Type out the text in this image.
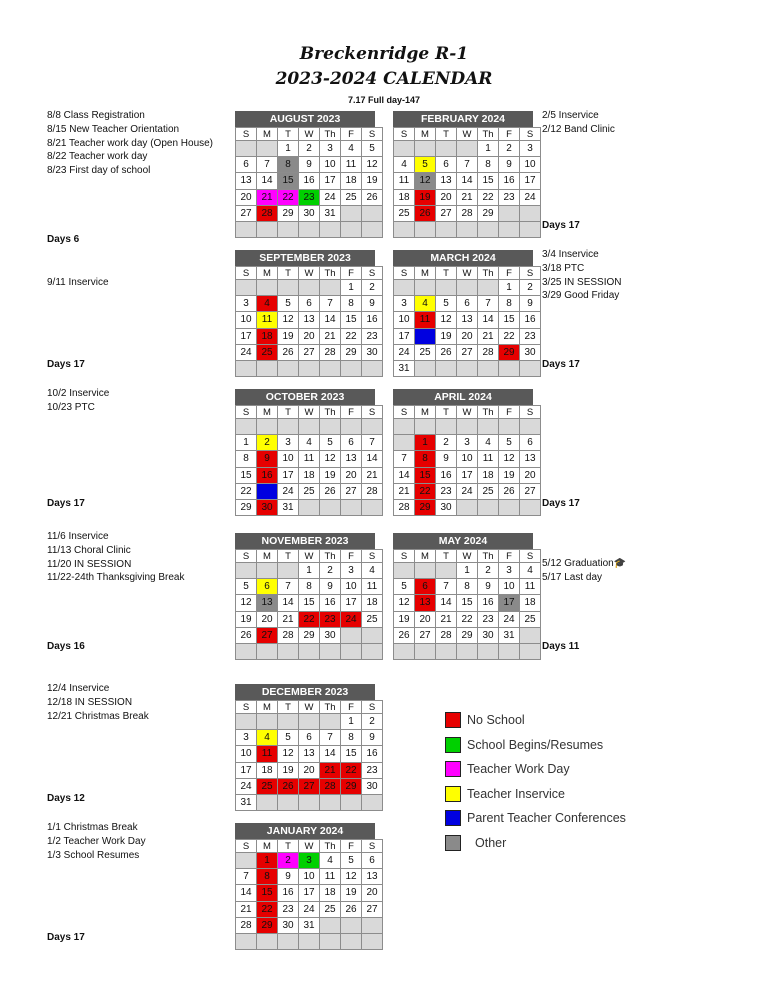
Breckenridge R-1
2023-2024 CALENDAR
7.17 Full day-147
8/8 Class Registration
8/15 New Teacher Orientation
8/21 Teacher work day (Open House)
8/22 Teacher work day
8/23 First day of school
Days 6
9/11 Inservice
Days 17
10/2 Inservice
10/23 PTC
Days 17
11/6 Inservice
11/13 Choral Clinic
11/20 IN SESSION
11/22-24th Thanksgiving Break
Days 16
12/4 Inservice
12/18 IN SESSION
12/21 Christmas Break
Days 12
1/1 Christmas Break
1/2 Teacher Work Day
1/3 School Resumes
Days 17
2/5 Inservice
2/12 Band Clinic
Days 17
3/4 Inservice
3/18 PTC
3/25 IN SESSION
3/29 Good Friday
Days 17
Days 17
5/12 Graduation🎓
5/17 Last day
Days 11
AUGUST 2023
S	M	T	W	Th	F	S
		1	2	3	4	5
6	7	8	9	10	11	12
13	14	15	16	17	18	19
20	21	22	23	24	25	26
27	28	29	30	31		

SEPTEMBER 2023
S	M	T	W	Th	F	S
					1	2
3	4	5	6	7	8	9
10	11	12	13	14	15	16
17	18	19	20	21	22	23
24	25	26	27	28	29	30

OCTOBER 2023
S	M	T	W	Th	F	S

1	2	3	4	5	6	7
8	9	10	11	12	13	14
15	16	17	18	19	20	21
22	23	24	25	26	27	28
29	30	31				
NOVEMBER 2023
S	M	T	W	Th	F	S
			1	2	3	4
5	6	7	8	9	10	11
12	13	14	15	16	17	18
19	20	21	22	23	24	25
26	27	28	29	30		

DECEMBER 2023
S	M	T	W	Th	F	S
					1	2
3	4	5	6	7	8	9
10	11	12	13	14	15	16
17	18	19	20	21	22	23
24	25	26	27	28	29	30
31						
JANUARY 2024
S	M	T	W	Th	F	S
	1	2	3	4	5	6
7	8	9	10	11	12	13
14	15	16	17	18	19	20
21	22	23	24	25	26	27
28	29	30	31			

FEBRUARY 2024
S	M	T	W	Th	F	S
				1	2	3
4	5	6	7	8	9	10
11	12	13	14	15	16	17
18	19	20	21	22	23	24
25	26	27	28	29		

MARCH 2024
S	M	T	W	Th	F	S
					1	2
3	4	5	6	7	8	9
10	11	12	13	14	15	16
17	18	19	20	21	22	23
24	25	26	27	28	29	30
31						
APRIL 2024
S	M	T	W	Th	F	S

	1	2	3	4	5	6
7	8	9	10	11	12	13
14	15	16	17	18	19	20
21	22	23	24	25	26	27
28	29	30				
MAY 2024
S	M	T	W	Th	F	S
			1	2	3	4
5	6	7	8	9	10	11
12	13	14	15	16	17	18
19	20	21	22	23	24	25
26	27	28	29	30	31	

No School
School Begins/Resumes
Teacher Work Day
Teacher Inservice
Parent Teacher Conferences
Other
